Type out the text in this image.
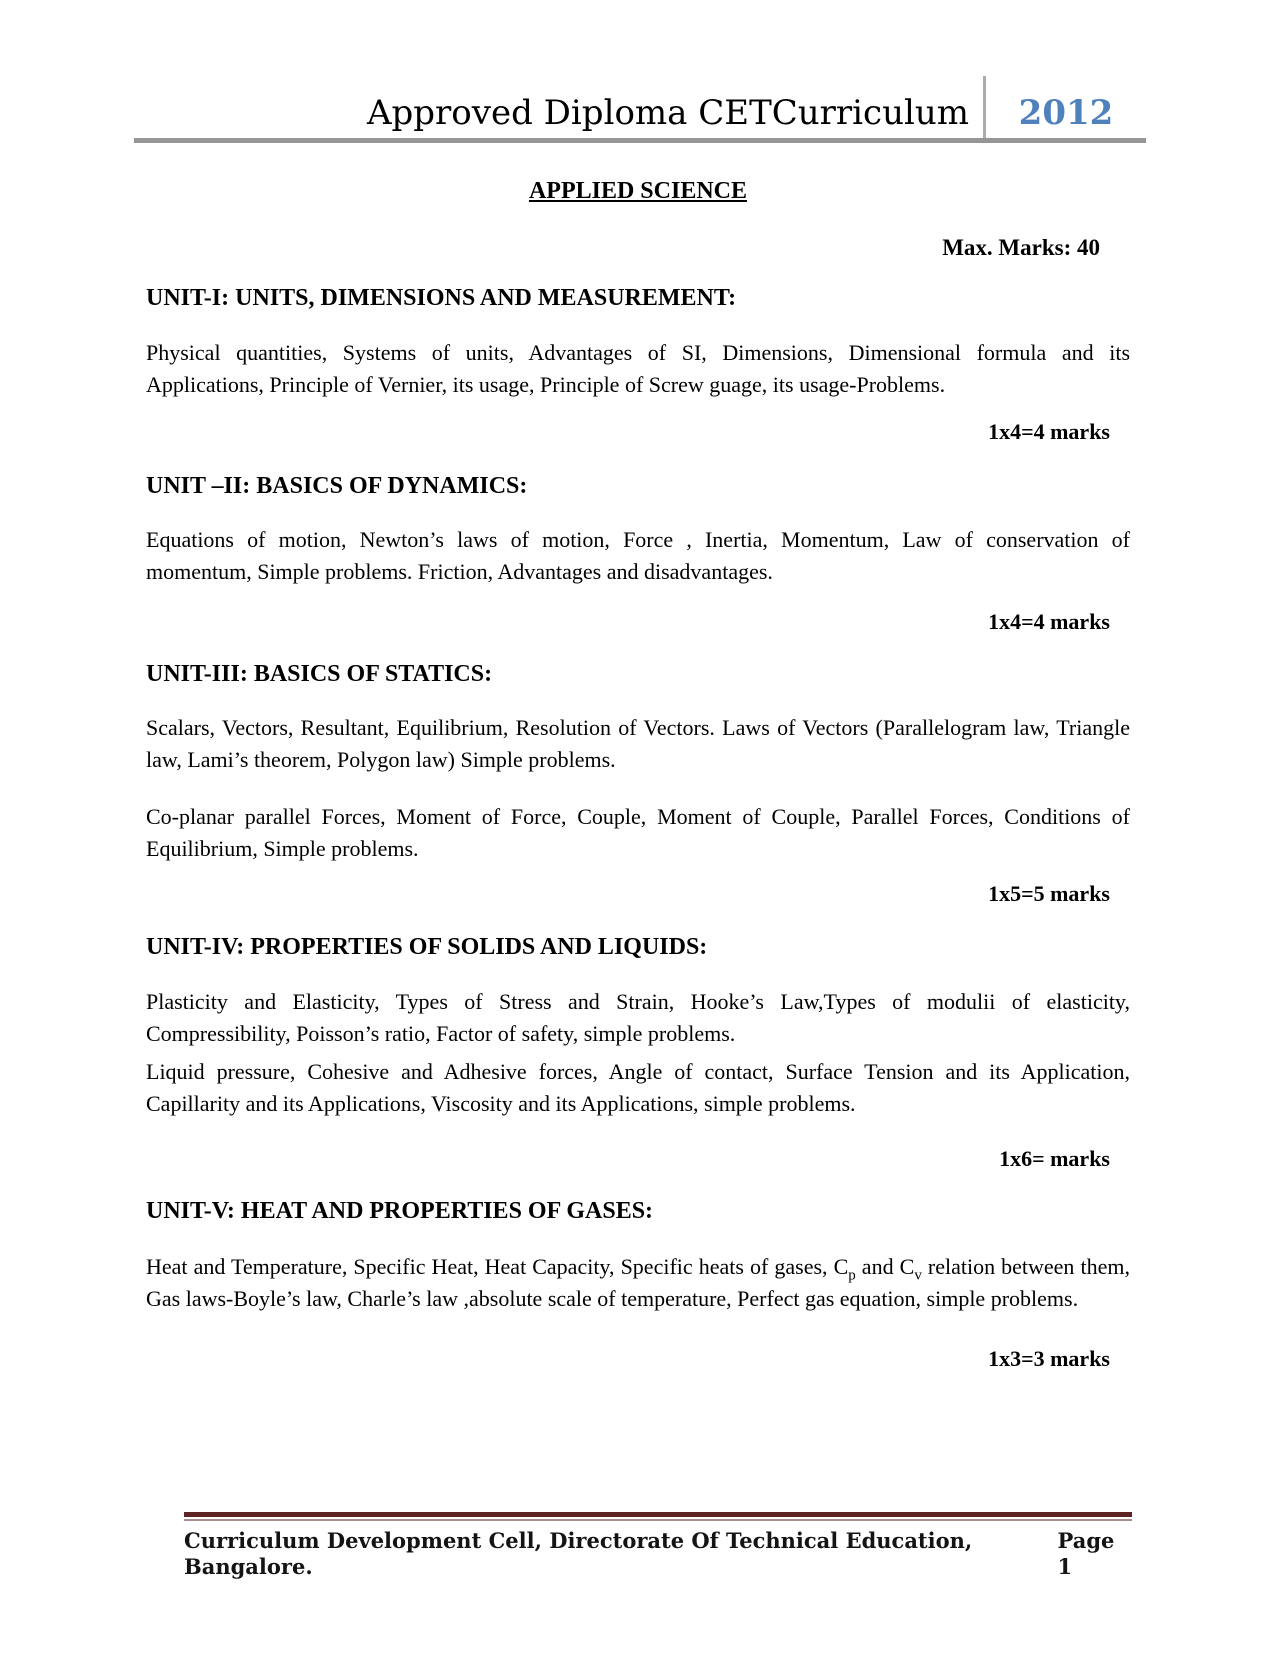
Approved Diploma CETCurriculum	2012
APPLIED SCIENCE
Max. Marks: 40
UNIT-I: UNITS, DIMENSIONS AND MEASUREMENT:

Physical quantities, Systems of units, Advantages of SI, Dimensions, Dimensional formula and its Applications, Principle of Vernier, its usage, Principle of Screw guage, its usage-Problems.

1x4=4 marks
UNIT –II: BASICS OF DYNAMICS:

Equations of motion, Newton’s laws of motion, Force , Inertia, Momentum, Law of conservation of momentum, Simple problems. Friction, Advantages and disadvantages.

1x4=4 marks
UNIT-III: BASICS OF STATICS:

Scalars, Vectors, Resultant, Equilibrium, Resolution of Vectors. Laws of Vectors (Parallelogram law, Triangle law, Lami’s theorem, Polygon law) Simple problems.

Co-planar parallel Forces, Moment of Force, Couple, Moment of Couple, Parallel Forces, Conditions of Equilibrium, Simple problems.

1x5=5 marks
UNIT-IV: PROPERTIES OF SOLIDS AND LIQUIDS:

Plasticity and Elasticity, Types of Stress and Strain, Hooke’s Law,Types of modulii of elasticity, Compressibility, Poisson’s ratio, Factor of safety, simple problems.

Liquid pressure, Cohesive and Adhesive forces, Angle of contact, Surface Tension and its Application, Capillarity and its Applications, Viscosity and its Applications, simple problems.

1x6= marks
UNIT-V: HEAT AND PROPERTIES OF GASES:

Heat and Temperature, Specific Heat, Heat Capacity, Specific heats of gases, $C_p$ and $C_v$ relation between them, Gas laws-Boyle’s law, Charle’s law ,absolute scale of temperature, Perfect gas equation, simple problems.

1x3=3 marks
Curriculum Development Cell, Directorate Of Technical Education, Bangalore.
Page 1
